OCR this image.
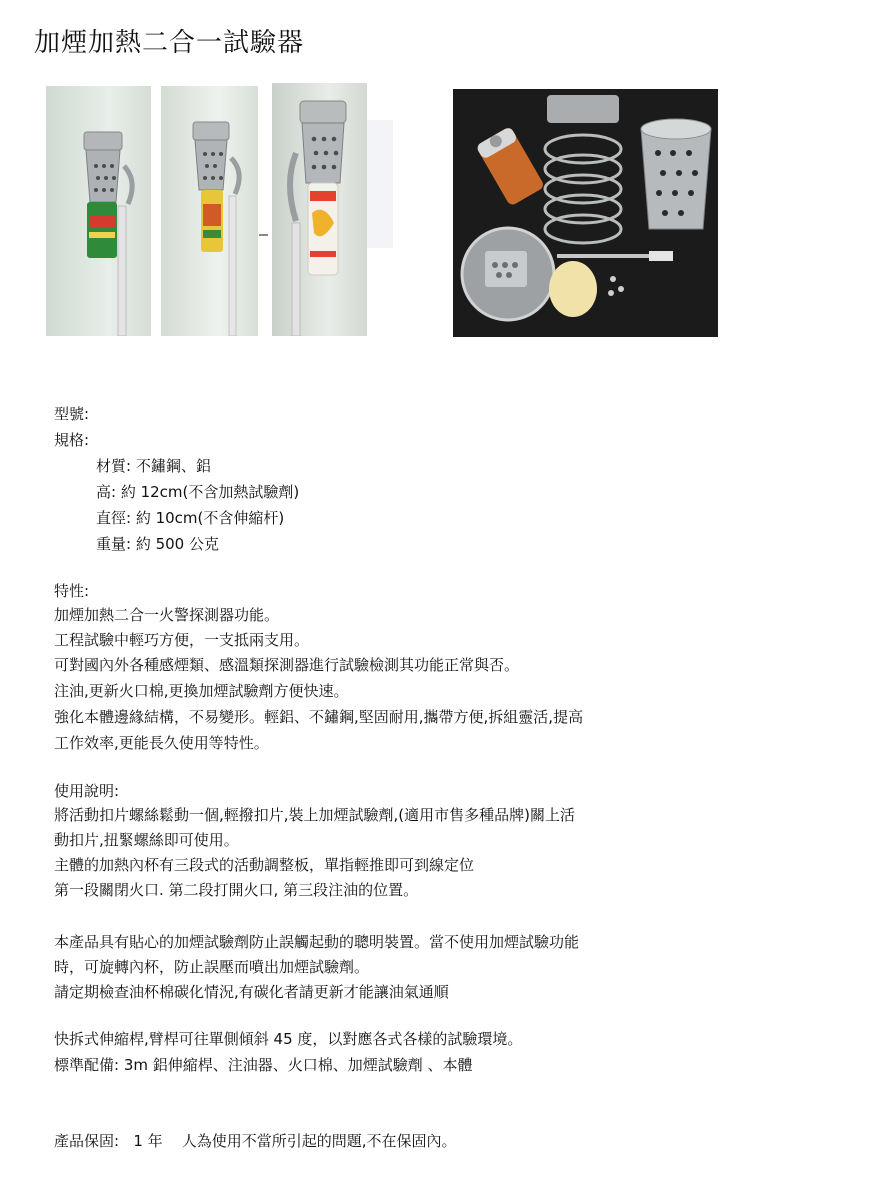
加煙加熱二合一試驗器
型號:
規格:
材質: 不鏽鋼、鋁
高: 約 12cm(不含加熱試驗劑)
直徑: 約 10cm(不含伸縮杆)
重量: 約 500 公克
特性:
加煙加熱二合一火警探測器功能。
工程試驗中輕巧方便，一支抵兩支用。
可對國內外各種感煙類、感溫類探測器進行試驗檢測其功能正常與否。
注油,更新火口棉,更換加煙試驗劑方便快速。
強化本體邊緣結構，不易變形。輕鋁、不鏽鋼,堅固耐用,攜帶方便,拆組靈活,提高
工作效率,更能長久使用等特性。
使用說明:
將活動扣片螺絲鬆動一個,輕撥扣片,裝上加煙試驗劑,(適用市售多種品牌)關上活
動扣片,扭緊螺絲即可使用。
主體的加熱內杯有三段式的活動調整板，單指輕推即可到線定位
第一段關閉火口. 第二段打開火口, 第三段注油的位置。
本產品具有貼心的加煙試驗劑防止誤觸起動的聰明裝置。當不使用加煙試驗功能
時，可旋轉內杯，防止誤壓而噴出加煙試驗劑。
請定期檢查油杯棉碳化情況,有碳化者請更新才能讓油氣通順
快拆式伸縮桿,臂桿可往單側傾斜 45 度，以對應各式各樣的試驗環境。
標準配備: 3m 鋁伸縮桿、注油器、火口棉、加煙試驗劑 、本體
產品保固:   1 年    人為使用不當所引起的問題,不在保固內。
